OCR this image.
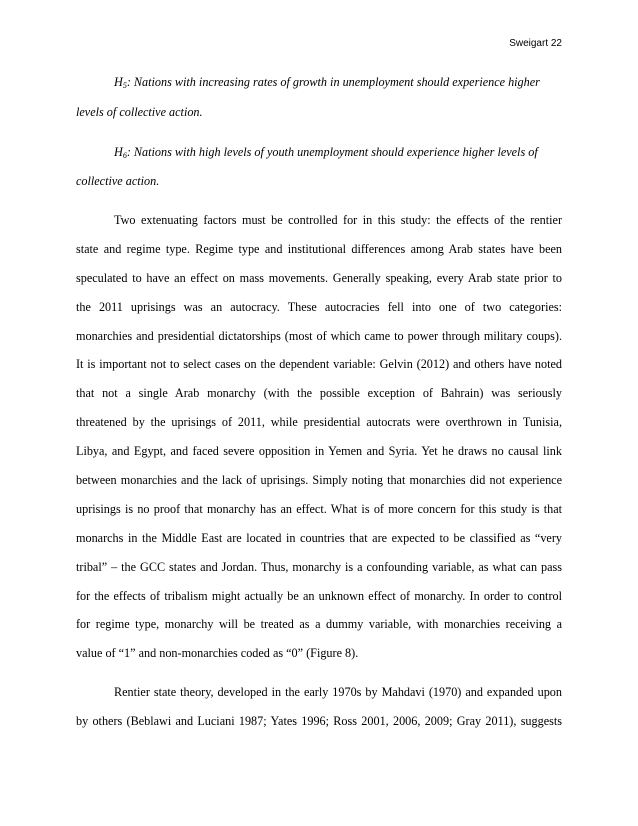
Sweigart 22
$H_5$: Nations with increasing rates of growth in unemployment should experience higher
levels of collective action.
$H_6$: Nations with high levels of youth unemployment should experience higher levels of
collective action.
Two extenuating factors must be controlled for in this study: the effects of the rentier
state and regime type. Regime type and institutional differences among Arab states have been
speculated to have an effect on mass movements. Generally speaking, every Arab state prior to
the 2011 uprisings was an autocracy. These autocracies fell into one of two categories:
monarchies and presidential dictatorships (most of which came to power through military coups).
It is important not to select cases on the dependent variable: Gelvin (2012) and others have noted
that not a single Arab monarchy (with the possible exception of Bahrain) was seriously
threatened by the uprisings of 2011, while presidential autocrats were overthrown in Tunisia,
Libya, and Egypt, and faced severe opposition in Yemen and Syria. Yet he draws no causal link
between monarchies and the lack of uprisings. Simply noting that monarchies did not experience
uprisings is no proof that monarchy has an effect. What is of more concern for this study is that
monarchs in the Middle East are located in countries that are expected to be classified as “very
tribal” – the GCC states and Jordan. Thus, monarchy is a confounding variable, as what can pass
for the effects of tribalism might actually be an unknown effect of monarchy. In order to control
for regime type, monarchy will be treated as a dummy variable, with monarchies receiving a
value of “1” and non-monarchies coded as “0” (Figure 8).
Rentier state theory, developed in the early 1970s by Mahdavi (1970) and expanded upon
by others (Beblawi and Luciani 1987; Yates 1996; Ross 2001, 2006, 2009; Gray 2011), suggests
